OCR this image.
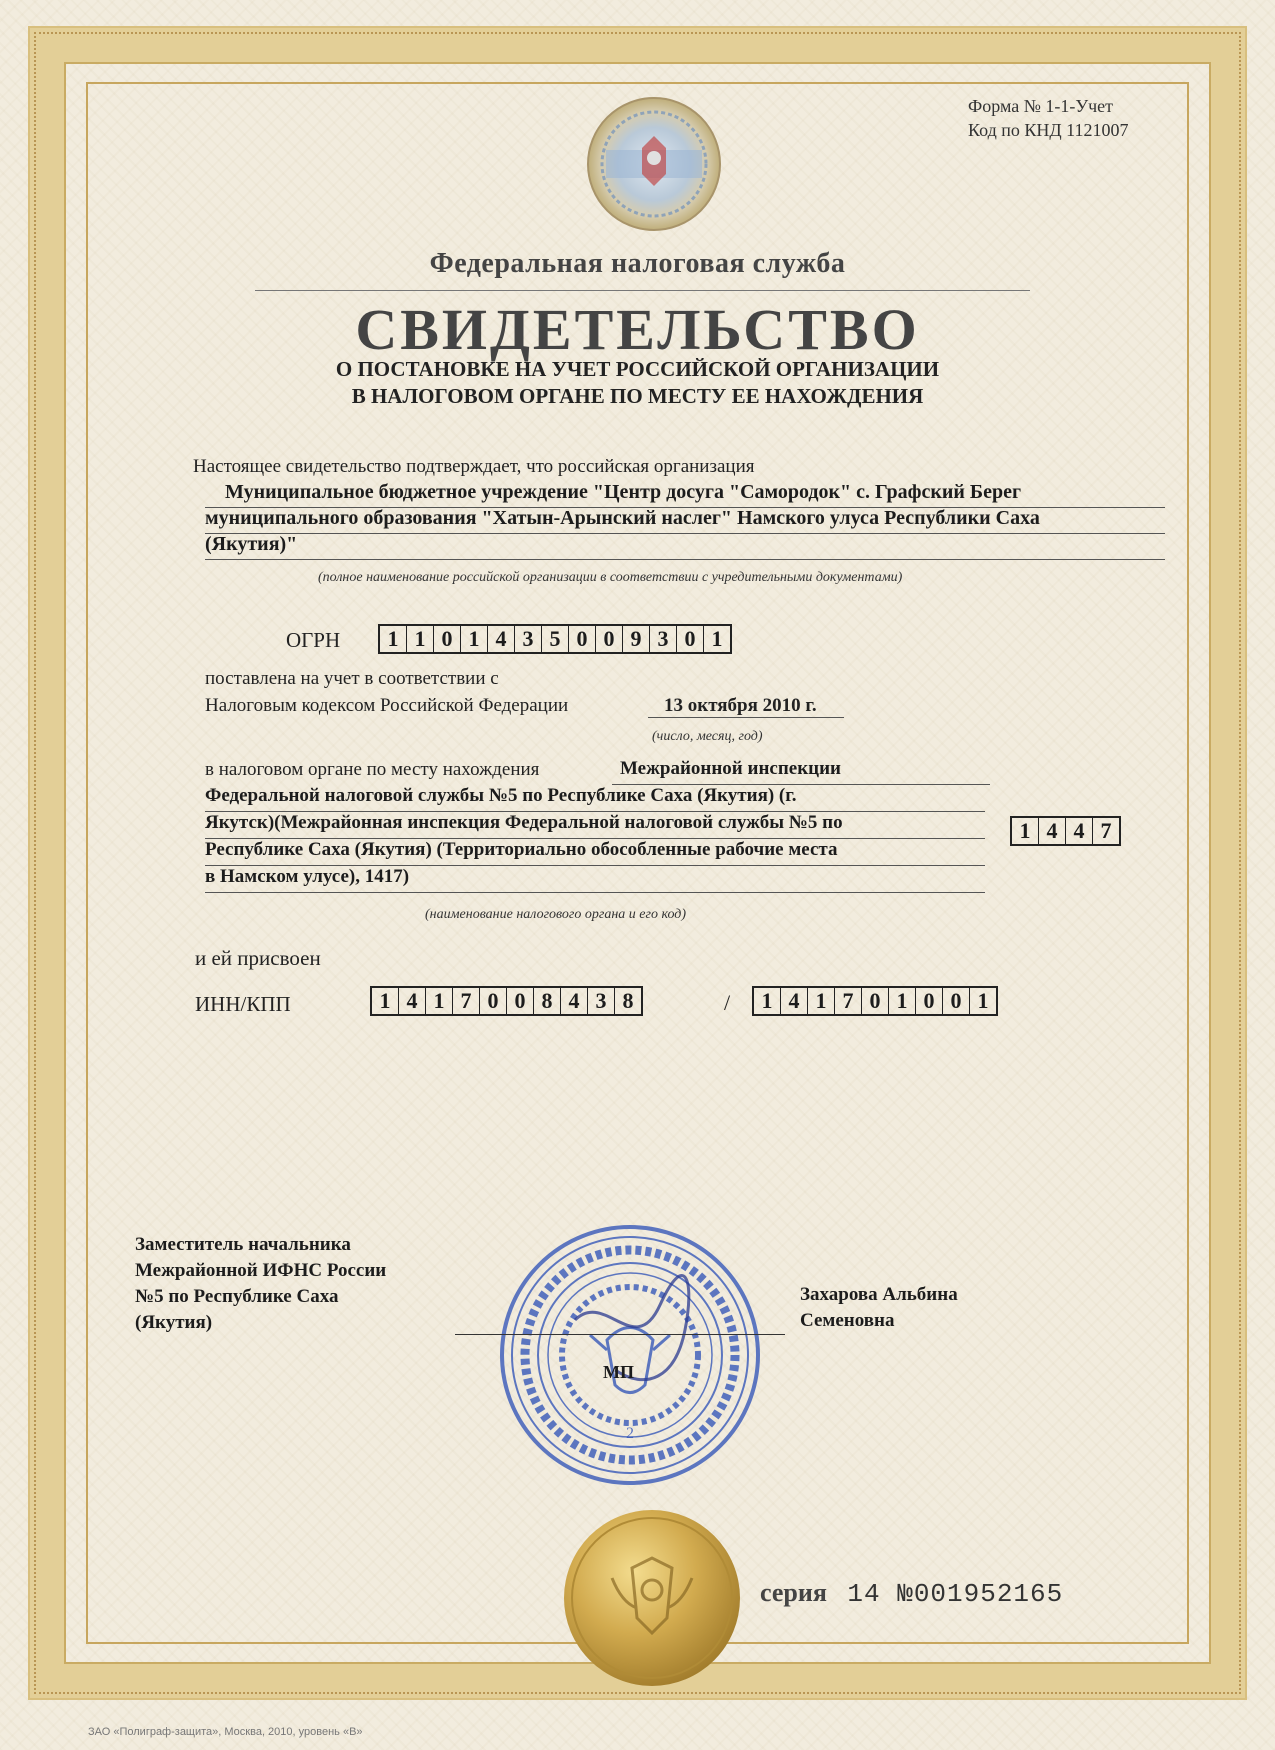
Форма № 1-1-Учет
Код по КНД 1121007
Федеральная налоговая служба
СВИДЕТЕЛЬСТВО
О ПОСТАНОВКЕ НА УЧЕТ РОССИЙСКОЙ ОРГАНИЗАЦИИ
В НАЛОГОВОМ ОРГАНЕ ПО МЕСТУ ЕЕ НАХОЖДЕНИЯ
Настоящее свидетельство подтверждает, что российская организация
Муниципальное бюджетное учреждение "Центр досуга "Самородок" с. Графский Берег
муниципального образования "Хатын-Арынский наслег" Намского улуса Республики Саха
(Якутия)"
(полное наименование российской организации в соответствии с учредительными документами)
ОГРН	1 1 0 1 4 3 5 0 0 9 3 0 1
поставлена на учет в соответствии с
Налоговым кодексом Российской Федерации	13 октября 2010 г.
(число, месяц, год)
в налоговом органе по месту нахождения	Межрайонной инспекции
Федеральной налоговой службы №5 по Республике Саха (Якутия) (г.
Якутск)(Межрайонная инспекция Федеральной налоговой службы №5 по
Республике Саха (Якутия) (Территориально обособленные рабочие места
в Намском улусе), 1417)
1 4 4 7
(наименование налогового органа и его код)
и ей присвоен
ИНН/КПП	1 4 1 7 0 0 8 4 3 8	/	1 4 1 7 0 1 0 0 1
Заместитель начальника
Межрайонной ИФНС России
№5 по Республике Саха
(Якутия)
2
МП
Захарова Альбина
Семеновна
серия 14 №001952165
ЗАО «Полиграф-защита», Москва, 2010, уровень «В»
